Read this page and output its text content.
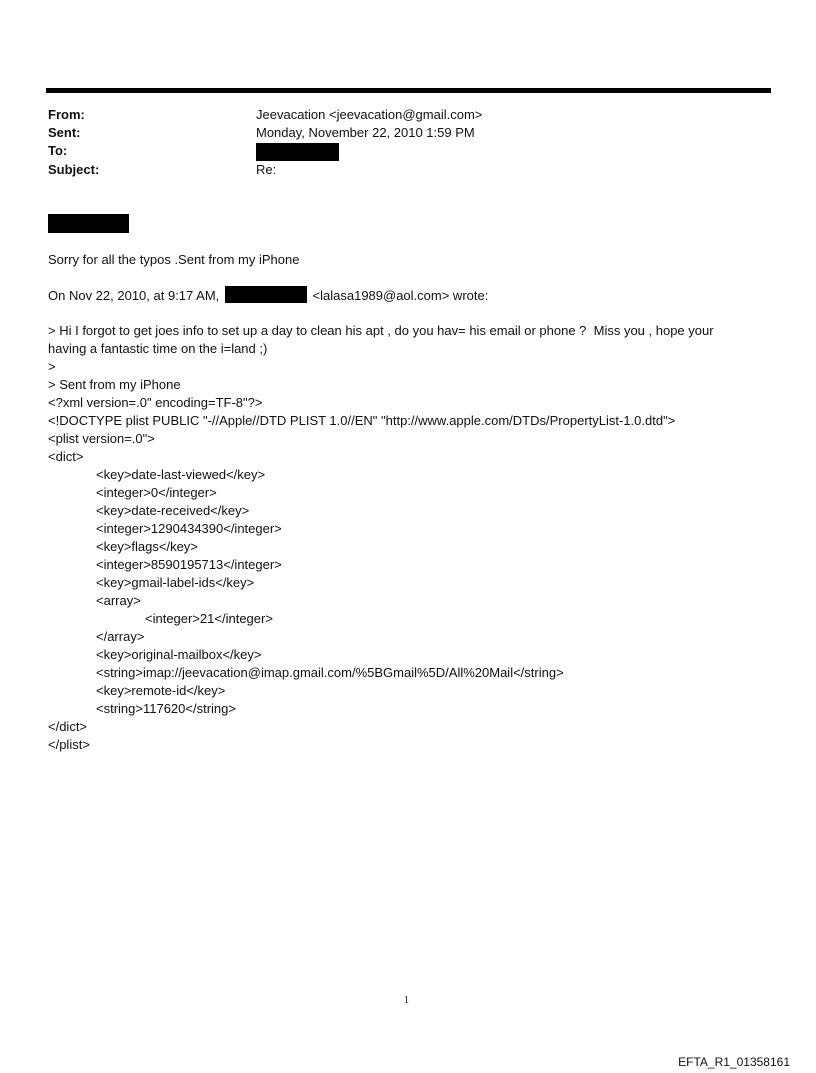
From:	Jeevacation <jeevacation@gmail.com>
Sent:	Monday, November 22, 2010 1:59 PM
To:
Subject:	Re:
Sorry for all the typos .Sent from my iPhone
On Nov 22, 2010, at 9:17 AM,	<lalasa1989@aol.com> wrote:
> Hi I forgot to get joes info to set up a day to clean his apt , do you hav= his email or phone ?  Miss you , hope your
having a fantastic time on the i=land ;)
>
> Sent from my iPhone
<?xml version=.0" encoding=TF-8"?>
<!DOCTYPE plist PUBLIC "-//Apple//DTD PLIST 1.0//EN" "http://www.apple.com/DTDs/PropertyList-1.0.dtd">
<plist version=.0">
<dict>
<key>date-last-viewed</key>
<integer>0</integer>
<key>date-received</key>
<integer>1290434390</integer>
<key>flags</key>
<integer>8590195713</integer>
<key>gmail-label-ids</key>
<array>
<integer>21</integer>
</array>
<key>original-mailbox</key>
<string>imap://jeevacation@imap.gmail.com/%5BGmail%5D/All%20Mail</string>
<key>remote-id</key>
<string>117620</string>
</dict>
</plist>
1
EFTA_R1_01358161
